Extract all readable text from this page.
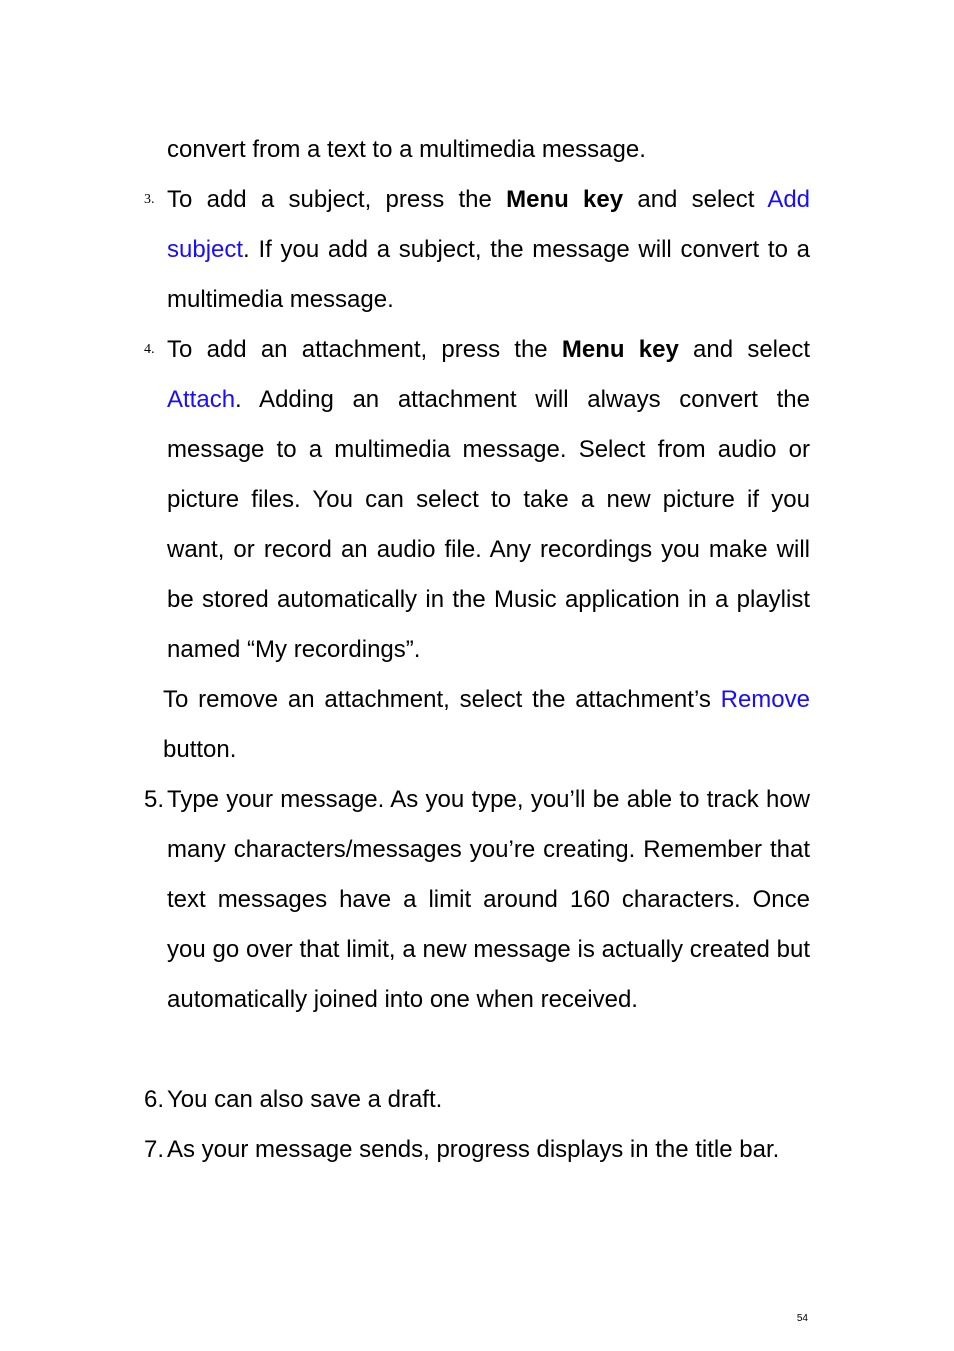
convert from a text to a multimedia message.

3. To add a subject, press the Menu key and select Add subject. If you add a subject, the message will convert to a multimedia message.

4. To add an attachment, press the Menu key and select Attach. Adding an attachment will always convert the message to a multimedia message. Select from audio or picture files. You can select to take a new picture if you want, or record an audio file. Any recordings you make will be stored automatically in the Music application in a playlist named “My recordings”.

To remove an attachment, select the attachment’s Remove button.

5. Type your message. As you type, you’ll be able to track how many characters/messages you’re creating. Remember that text messages have a limit around 160 characters. Once you go over that limit, a new message is actually created but automatically joined into one when received.

6. You can also save a draft.

7. As your message sends, progress displays in the title bar.

54
